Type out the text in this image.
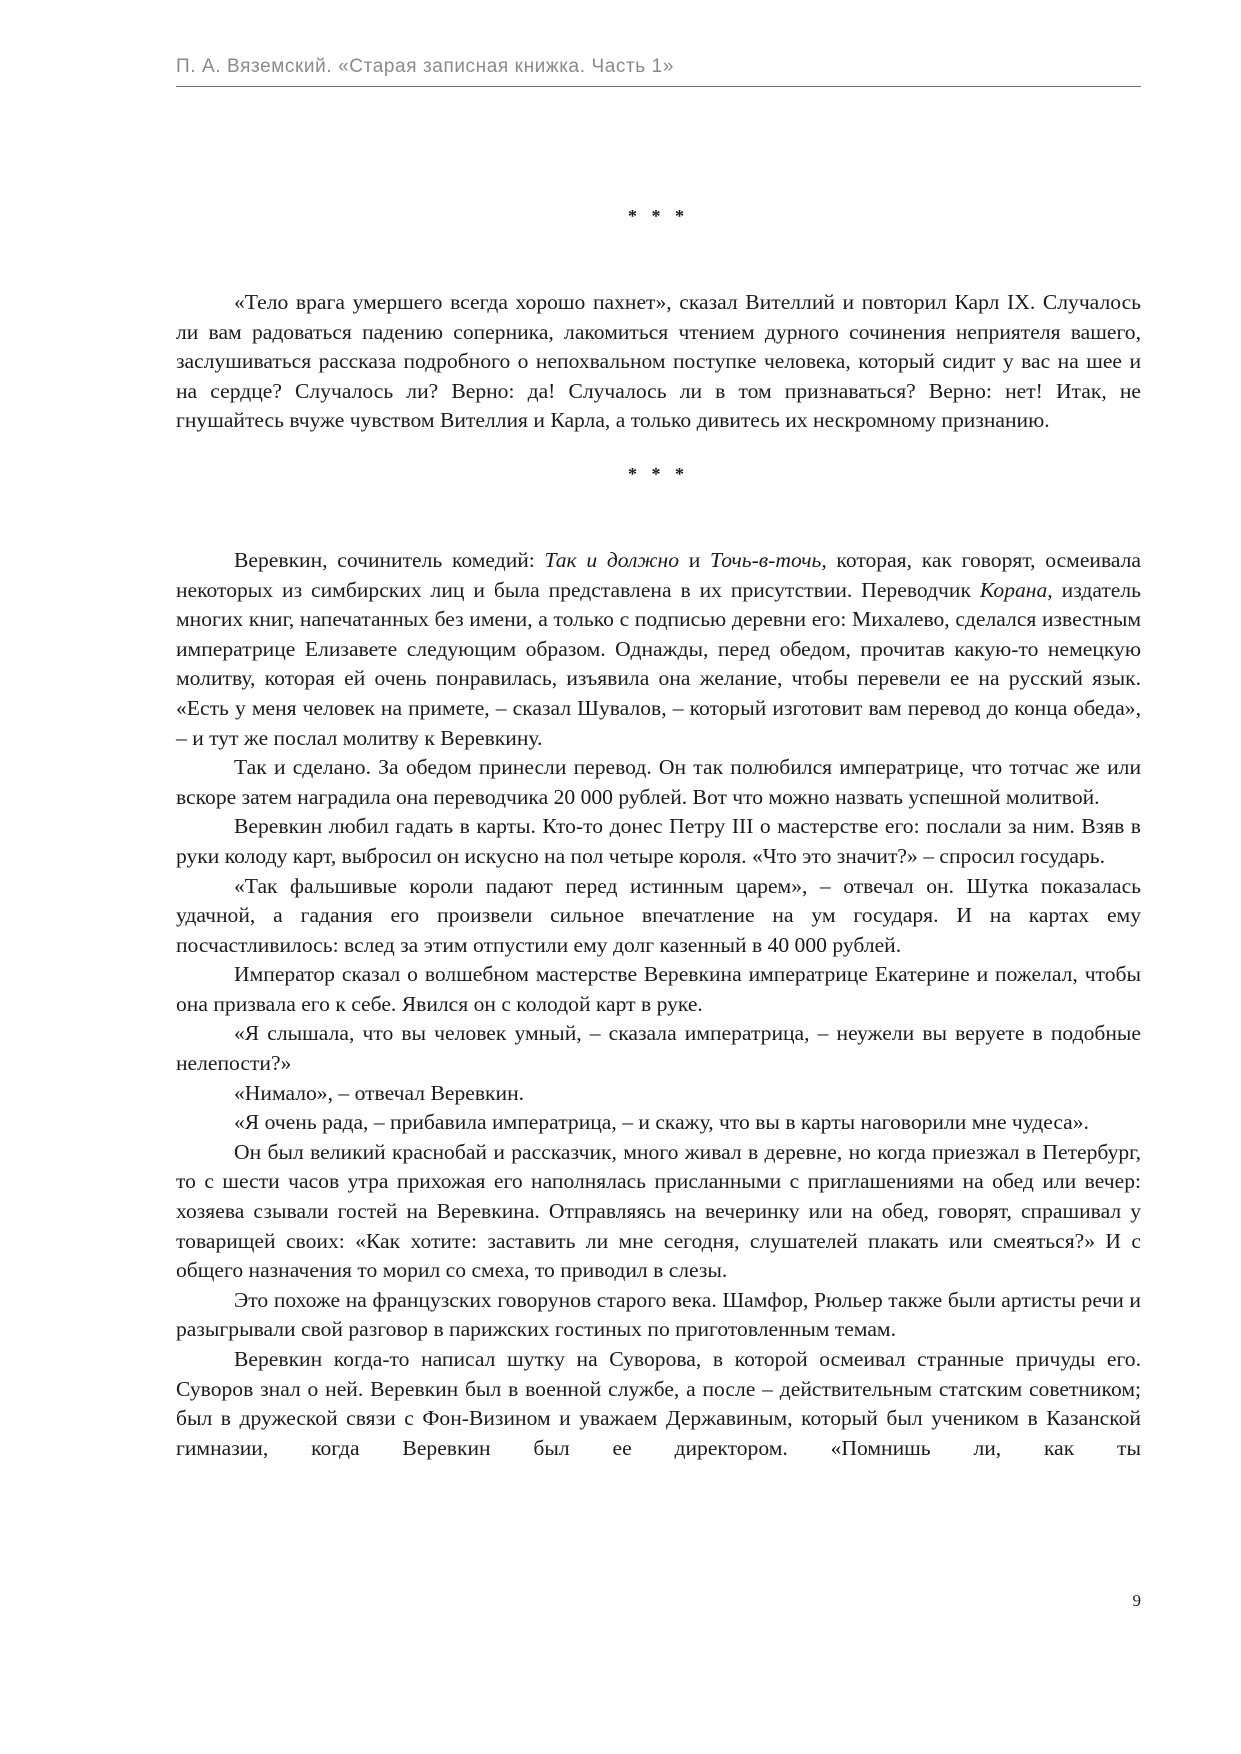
П. А. Вяземский. «Старая записная книжка. Часть 1»
* * *

«Тело врага умершего всегда хорошо пахнет», сказал Вителлий и повторил Карл IX. Случалось ли вам радоваться падению соперника, лакомиться чтением дурного сочинения неприятеля вашего, заслушиваться рассказа подробного о непохвальном поступке человека, который сидит у вас на шее и на сердце? Случалось ли? Верно: да! Случалось ли в том признаваться? Верно: нет! Итак, не гнушайтесь вчуже чувством Вителлия и Карла, а только дивитесь их нескромному признанию.

* * *

Веревкин, сочинитель комедий: Так и должно и Точь-в-точь, которая, как говорят, осмеивала некоторых из симбирских лиц и была представлена в их присутствии. Переводчик Корана, издатель многих книг, напечатанных без имени, а только с подписью деревни его: Михалево, сделался известным императрице Елизавете следующим образом. Однажды, перед обедом, прочитав какую-то немецкую молитву, которая ей очень понравилась, изъявила она желание, чтобы перевели ее на русский язык. «Есть у меня человек на примете, – сказал Шувалов, – который изготовит вам перевод до конца обеда», – и тут же послал молитву к Веревкину.

Так и сделано. За обедом принесли перевод. Он так полюбился императрице, что тотчас же или вскоре затем наградила она переводчика 20 000 рублей. Вот что можно назвать успешной молитвой.

Веревкин любил гадать в карты. Кто-то донес Петру III о мастерстве его: послали за ним. Взяв в руки колоду карт, выбросил он искусно на пол четыре короля. «Что это значит?» – спросил государь.

«Так фальшивые короли падают перед истинным царем», – отвечал он. Шутка показалась удачной, а гадания его произвели сильное впечатление на ум государя. И на картах ему посчастливилось: вслед за этим отпустили ему долг казенный в 40 000 рублей.

Император сказал о волшебном мастерстве Веревкина императрице Екатерине и пожелал, чтобы она призвала его к себе. Явился он с колодой карт в руке.

«Я слышала, что вы человек умный, – сказала императрица, – неужели вы веруете в подобные нелепости?»

«Нимало», – отвечал Веревкин.

«Я очень рада, – прибавила императрица, – и скажу, что вы в карты наговорили мне чудеса».

Он был великий краснобай и рассказчик, много живал в деревне, но когда приезжал в Петербург, то с шести часов утра прихожая его наполнялась присланными с приглашениями на обед или вечер: хозяева сзывали гостей на Веревкина. Отправляясь на вечеринку или на обед, говорят, спрашивал у товарищей своих: «Как хотите: заставить ли мне сегодня, слушателей плакать или смеяться?» И с общего назначения то морил со смеха, то приводил в слезы.

Это похоже на французских говорунов старого века. Шамфор, Рюльер также были артисты речи и разыгрывали свой разговор в парижских гостиных по приготовленным темам.

Веревкин когда-то написал шутку на Суворова, в которой осмеивал странные причуды его. Суворов знал о ней. Веревкин был в военной службе, а после – действительным статским советником; был в дружеской связи с Фон-Визином и уважаем Державиным, который был учеником в Казанской гимназии, когда Веревкин был ее директором. «Помнишь ли, как ты

9
